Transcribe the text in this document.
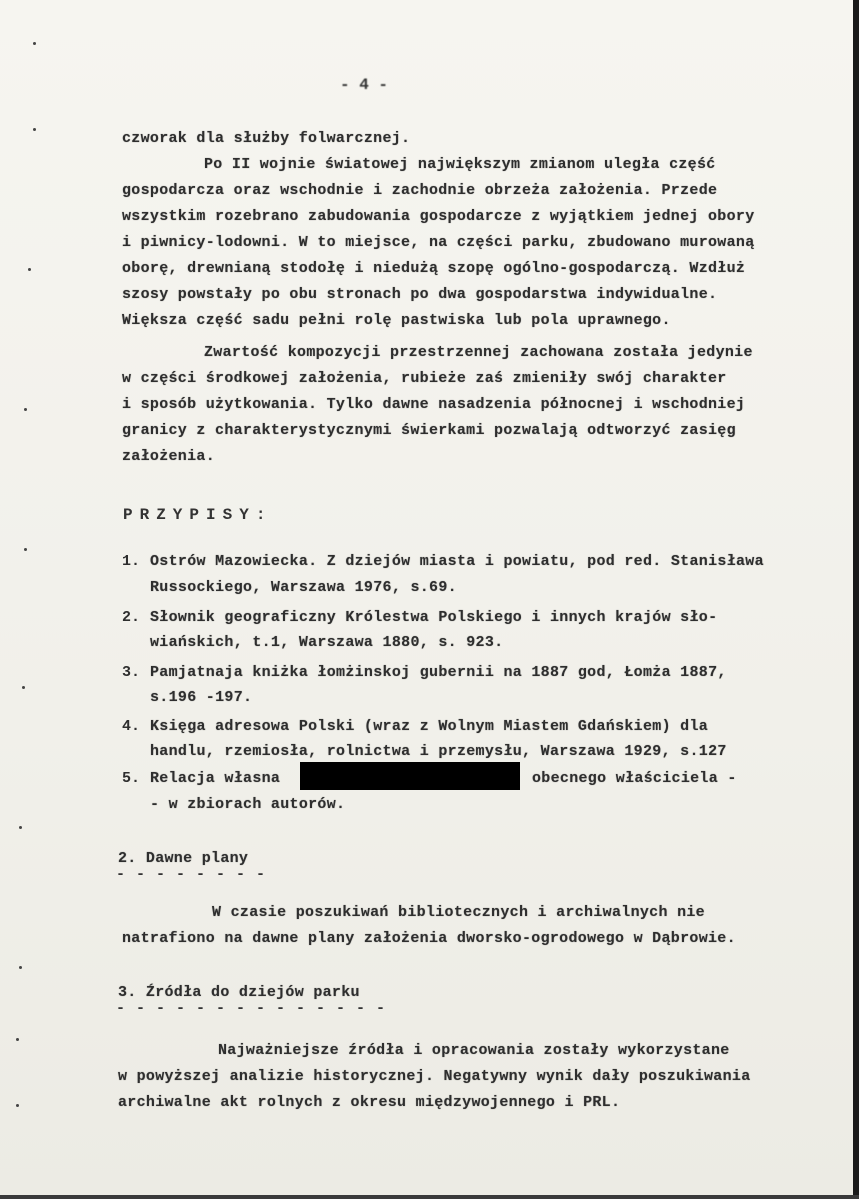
- 4 -
czworak dla służby folwarcznej.
Po II wojnie światowej największym zmianom uległa część
gospodarcza oraz wschodnie i zachodnie obrzeża założenia. Przede
wszystkim rozebrano zabudowania gospodarcze z wyjątkiem jednej obory
i piwnicy-lodowni. W to miejsce, na części parku, zbudowano murowaną
oborę, drewnianą stodołę i niedużą szopę ogólno-gospodarczą. Wzdłuż
szosy powstały po obu stronach po dwa gospodarstwa indywidualne.
Większa część sadu pełni rolę pastwiska lub pola uprawnego.
Zwartość kompozycji przestrzennej zachowana została jedynie
w części środkowej założenia, rubieże zaś zmieniły swój charakter
i sposób użytkowania. Tylko dawne nasadzenia północnej i wschodniej
granicy z charakterystycznymi świerkami pozwalają odtworzyć zasięg
założenia.
PRZYPISY:
1. Ostrów Mazowiecka. Z dziejów miasta i powiatu, pod red. Stanisława
Russockiego, Warszawa 1976, s.69.
2. Słownik geograficzny Królestwa Polskiego i innych krajów sło-
wiańskich, t.1, Warszawa 1880, s. 923.
3. Pamjatnaja kniżka łomżinskoj gubernii na 1887 god, Łomża 1887,
s.196 -197.
4. Księga adresowa Polski (wraz z Wolnym Miastem Gdańskiem) dla
handlu, rzemiosła, rolnictwa i przemysłu, Warszawa 1929, s.127
5. Relacja własna	obecnego właściciela -
- w zbiorach autorów.
2. Dawne plany
- - - - - - - -
W czasie poszukiwań bibliotecznych i archiwalnych nie
natrafiono na dawne plany założenia dworsko-ogrodowego w Dąbrowie.
3. Źródła do dziejów parku
- - - - - - - - - - - - - -
Najważniejsze źródła i opracowania zostały wykorzystane
w powyższej analizie historycznej. Negatywny wynik dały poszukiwania
archiwalne akt rolnych z okresu międzywojennego i PRL.
